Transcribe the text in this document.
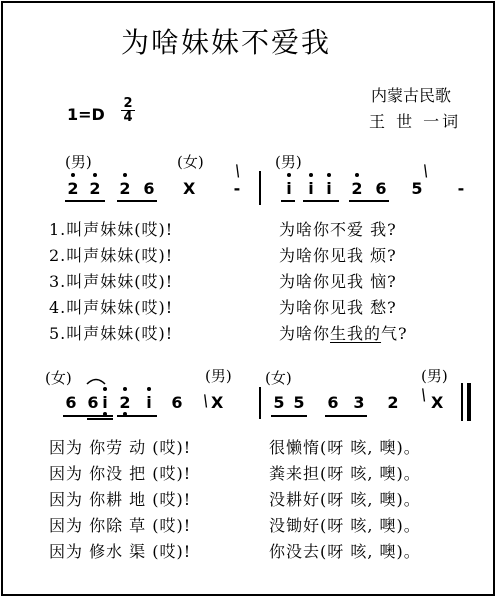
为啥妹妹不爱我
内蒙古民歌
王 世 一词
1=D
2
4
(男)	(女)	(男)
2 2 2 6 X -
\
i i i 2 6 5
\
-
1.叫声妹妹(哎)!	为啥你不爱 我?
2.叫声妹妹(哎)!	为啥你见我 烦?
3.叫声妹妹(哎)!	为啥你见我 恼?
4.叫声妹妹(哎)!	为啥你见我 愁?
5.叫声妹妹(哎)!	为啥你生我的气?
(女)	(男) (女)	(男)
6 6 i 2 i 6 \ X	5 5 6 3 2 \ X
因为 你劳 动 (哎)!	很懒惰(呀 咳, 噢)。
因为 你没 把 (哎)!	粪来担(呀 咳, 噢)。
因为 你耕 地 (哎)!	没耕好(呀 咳, 噢)。
因为 你除 草 (哎)!	没锄好(呀 咳, 噢)。
因为 修水 渠 (哎)!	你没去(呀 咳, 噢)。
